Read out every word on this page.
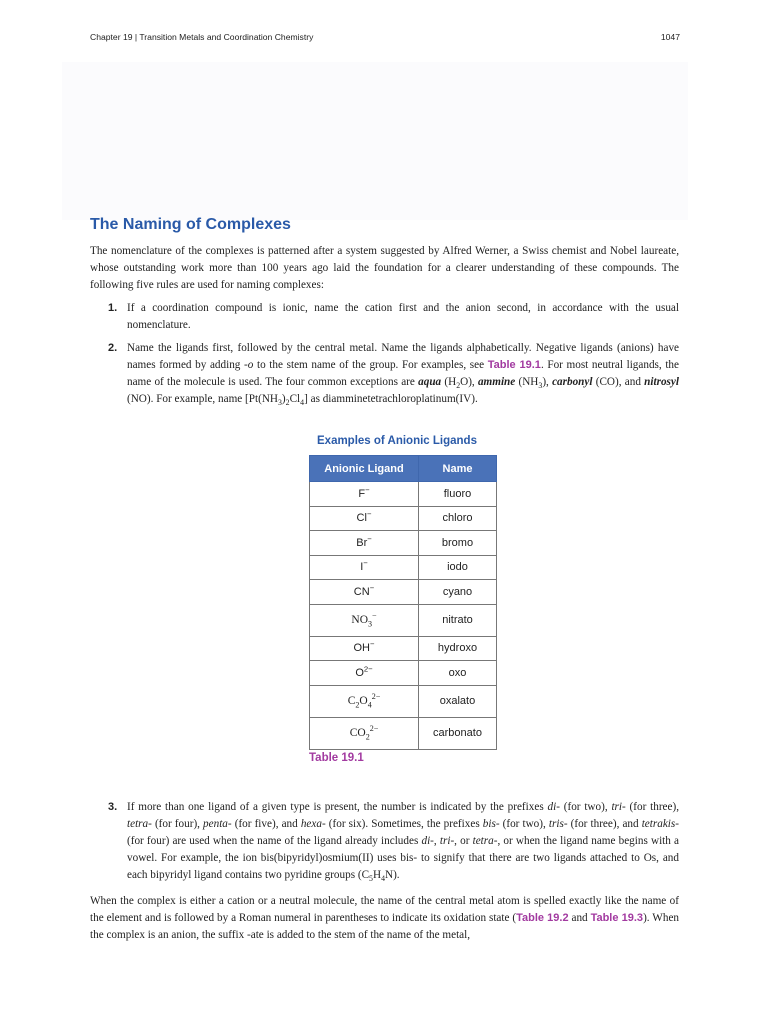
Chapter 19 | Transition Metals and Coordination Chemistry	1047
The Naming of Complexes

The nomenclature of the complexes is patterned after a system suggested by Alfred Werner, a Swiss chemist and Nobel laureate, whose outstanding work more than 100 years ago laid the foundation for a clearer understanding of these compounds. The following five rules are used for naming complexes:

1. If a coordination compound is ionic, name the cation first and the anion second, in accordance with the usual nomenclature.
2. Name the ligands first, followed by the central metal. Name the ligands alphabetically. Negative ligands (anions) have names formed by adding -o to the stem name of the group. For examples, see Table 19.1. For most neutral ligands, the name of the molecule is used. The four common exceptions are aqua $(H_2O)$, ammine $(NH_3)$, carbonyl (CO), and nitrosyl (NO). For example, name $[Pt(NH_3)_2Cl_4]$ as diamminetetrachloroplatinum(IV).

Examples of Anionic Ligands

Anionic Ligand	Name
F−	fluoro
Cl−	chloro
Br−	bromo
I−	iodo
CN−	cyano
$NO_3^-$	nitrato
OH−	hydroxo
$O^{2-}$	oxo
$C_2O_4^{2-}$	oxalato
$CO_2^{2-}$	carbonato
Table 19.1
3. If more than one ligand of a given type is present, the number is indicated by the prefixes di- (for two), tri- (for three), tetra- (for four), penta- (for five), and hexa- (for six). Sometimes, the prefixes bis- (for two), tris- (for three), and tetrakis- (for four) are used when the name of the ligand already includes di-, tri-, or tetra-, or when the ligand name begins with a vowel. For example, the ion bis(bipyridyl)osmium(II) uses bis- to signify that there are two ligands attached to Os, and each bipyridyl ligand contains two pyridine groups $(C_5H_4N)$.

When the complex is either a cation or a neutral molecule, the name of the central metal atom is spelled exactly like the name of the element and is followed by a Roman numeral in parentheses to indicate its oxidation state (Table 19.2 and Table 19.3). When the complex is an anion, the suffix -ate is added to the stem of the name of the metal,
